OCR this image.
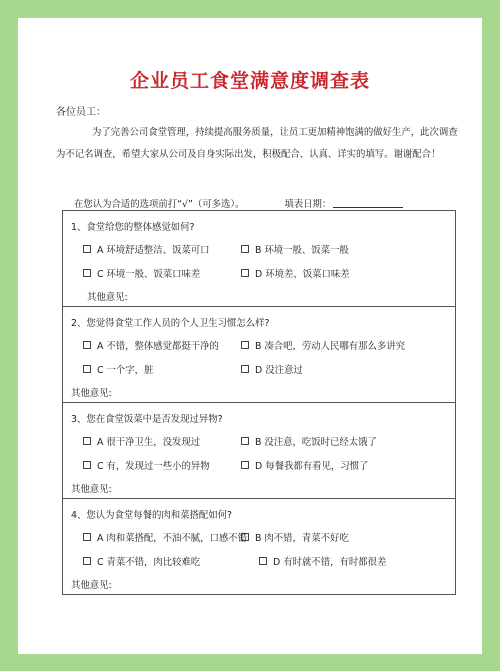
企业员工食堂满意度调查表
各位员工：

为了完善公司食堂管理，持续提高服务质量，让员工更加精神饱满的做好生产，此次调查为不记名调查，希望大家从公司及自身实际出发，积极配合、认真、详实的填写。谢谢配合！

在您认为合适的选项前打“√”（可多选）。	填表日期：
1、食堂给您的整体感觉如何?
A 环境舒适整洁、饭菜可口	B 环境一般、饭菜一般
C 环境一般、饭菜口味差	D 环境差、饭菜口味差
其他意见:
2、您觉得食堂工作人员的个人卫生习惯怎么样?
A 不错，整体感觉都挺干净的	B 凑合吧，劳动人民哪有那么多讲究
C 一个字，脏	D 没注意过
其他意见:
3、您在食堂饭菜中是否发现过异物?
A 很干净卫生，没发现过	B 没注意，吃饭时已经太饿了
C 有，发现过一些小的异物	D 每餐我都有看见，习惯了
其他意见:
4、您认为食堂每餐的肉和菜搭配如何?
A 肉和菜搭配，不油不腻，口感不错 B 肉不错，青菜不好吃
C 青菜不错，肉比较难吃	D 有时就不错，有时都很差
其他意见:
